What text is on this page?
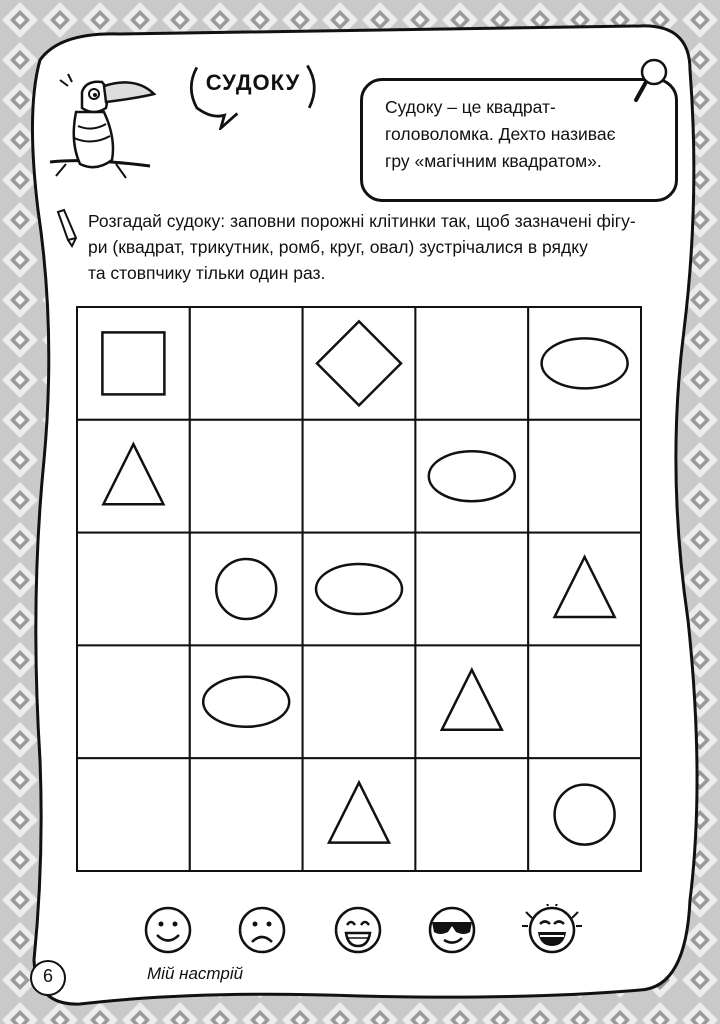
СУДОКУ
Судоку – це квадрат-
головоломка. Дехто називає
гру «магічним квадратом».
Розгадай судоку: заповни порожні клітинки так, щоб зазначені фігу-
ри (квадрат, трикутник, ромб, круг, овал) зустрічалися в рядку
та стовпчику тільки один раз.
6	Мій настрій
